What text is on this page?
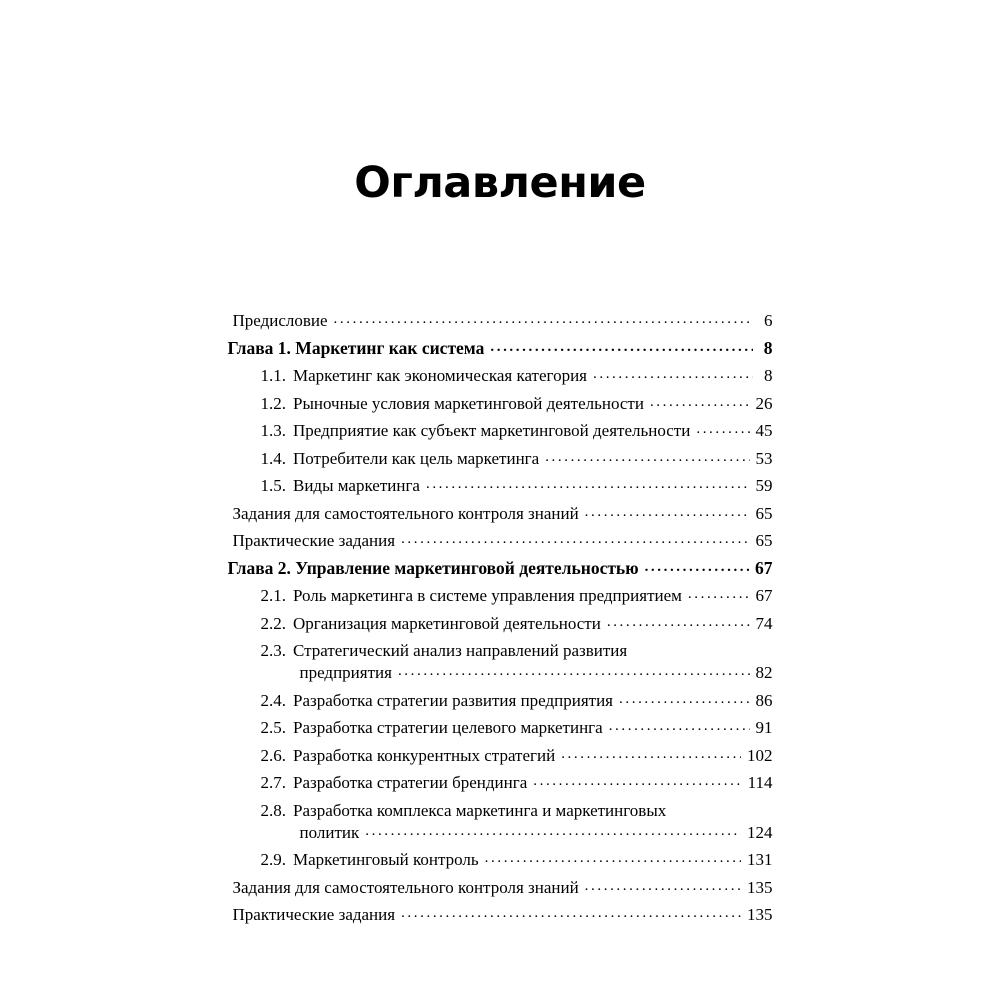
Оглавление
Предисловие .....	6
Глава 1. Маркетинг как система .....	8
1.1. Маркетинг как экономическая категория .....	8
1.2. Рыночные условия маркетинговой деятельности .....	26
1.3. Предприятие как субъект маркетинговой деятельности .....	45
1.4. Потребители как цель маркетинга .....	53
1.5. Виды маркетинга .....	59
Задания для самостоятельного контроля знаний .....	65
Практические задания .....	65
Глава 2. Управление маркетинговой деятельностью .....	67
2.1. Роль маркетинга в системе управления предприятием .....	67
2.2. Организация маркетинговой деятельности .....	74
2.3. Стратегический анализ направлений развития
предприятия .....	82
2.4. Разработка стратегии развития предприятия .....	86
2.5. Разработка стратегии целевого маркетинга .....	91
2.6. Разработка конкурентных стратегий .....	102
2.7. Разработка стратегии брендинга .....	114
2.8. Разработка комплекса маркетинга и маркетинговых
политик .....	124
2.9. Маркетинговый контроль .....	131
Задания для самостоятельного контроля знаний .....	135
Практические задания .....	135
